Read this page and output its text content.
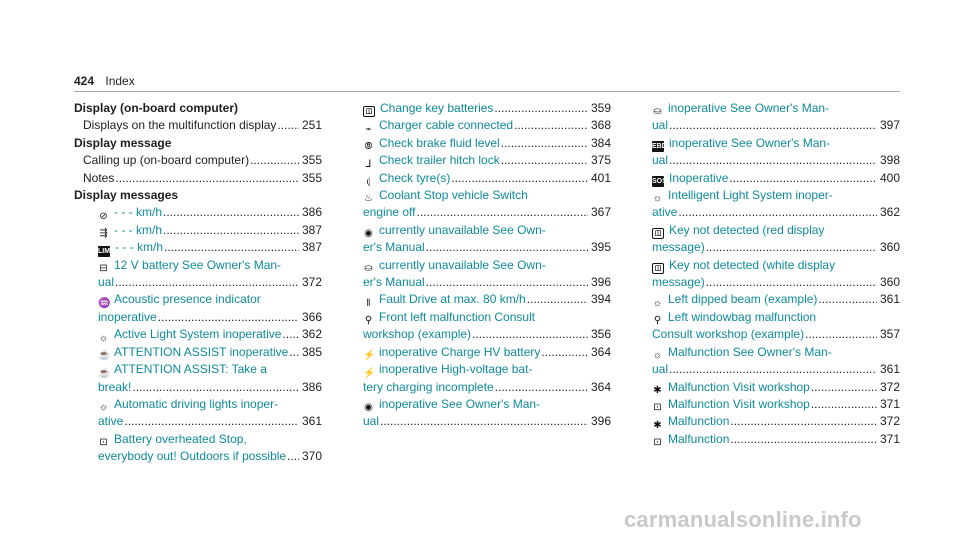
424 Index
Display (on-board computer)
Displays on the multifunction display ..... 251
Display message
Calling up (on-board computer) .....	355
Notes .....	355
Display messages
⊘ - - - km/h .....	386
⇶ - - - km/h .....	387
LIM - - - km/h .....	387
⊟ 12 V battery See Owner's Man-
ual .....	372
♒ Acoustic presence indicator
inoperative .....	366
☼ Active Light System inoperative ..... 362
☕ ATTENTION ASSIST inoperative ..... 385
☕ ATTENTION ASSIST: Take a
break! .....	386
☼ Automatic driving lights inoper-
ative .....	361
⊡ Battery overheated Stop,
everybody out! Outdoors if possible ..... 370
◫ Change key batteries .....	359
⌁ Charger cable connected .....	368
⦾ Check brake fluid level .....	384
⅃ Check trailer hitch lock .....	375
⦇ Check tyre(s) .....	401
♨ Coolant Stop vehicle Switch
engine off .....	367
◉ currently unavailable See Own-
er's Manual .....	395
⛀ currently unavailable See Own-
er's Manual .....	396
‖ Fault Drive at max. 80 km/h .....	394
⚲ Front left malfunction Consult
workshop (example) .....	356
⚡ inoperative Charge HV battery .....	364
⚡ inoperative High-voltage bat-
tery charging incomplete .....	364
◉ inoperative See Owner's Man-
ual .....	396
⛀ inoperative See Owner's Man-
ual .....	397
EBD inoperative See Owner's Man-
ual .....	398
SOS Inoperative .....	400
☼ Intelligent Light System inoper-
ative .....	362
◫ Key not detected (red display
message) .....	360
◫ Key not detected (white display
message) .....	360
☼ Left dipped beam (example) .....	361
⚲ Left windowbag malfunction
Consult workshop (example) .....	357
☼ Malfunction See Owner's Man-
ual .....	361
✱ Malfunction Visit workshop .....	372
⊡ Malfunction Visit workshop .....	371
✱ Malfunction .....	372
⊡ Malfunction .....	371
carmanualsonline.info
